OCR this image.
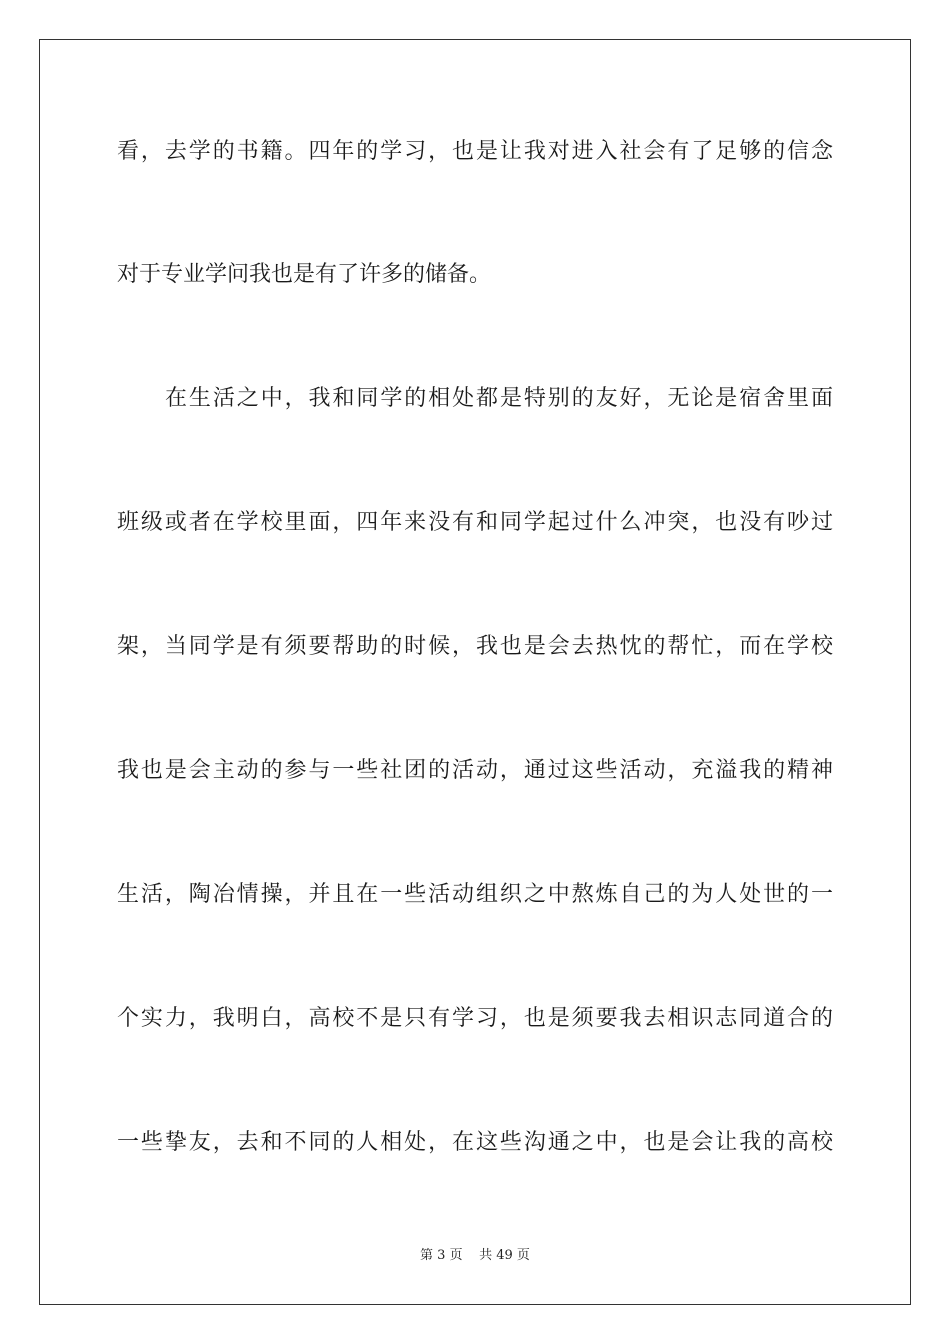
看，去学的书籍。四年的学习，也是让我对进入社会有了足够的信念
对于专业学问我也是有了许多的储备。
在生活之中，我和同学的相处都是特别的友好，无论是宿舍里面
班级或者在学校里面，四年来没有和同学起过什么冲突，也没有吵过
架，当同学是有须要帮助的时候，我也是会去热忱的帮忙，而在学校
我也是会主动的参与一些社团的活动，通过这些活动，充溢我的精神
生活，陶冶情操，并且在一些活动组织之中熬炼自己的为人处世的一
个实力，我明白，高校不是只有学习，也是须要我去相识志同道合的
一些挚友，去和不同的人相处，在这些沟通之中，也是会让我的高校
第 3 页 共 49 页
